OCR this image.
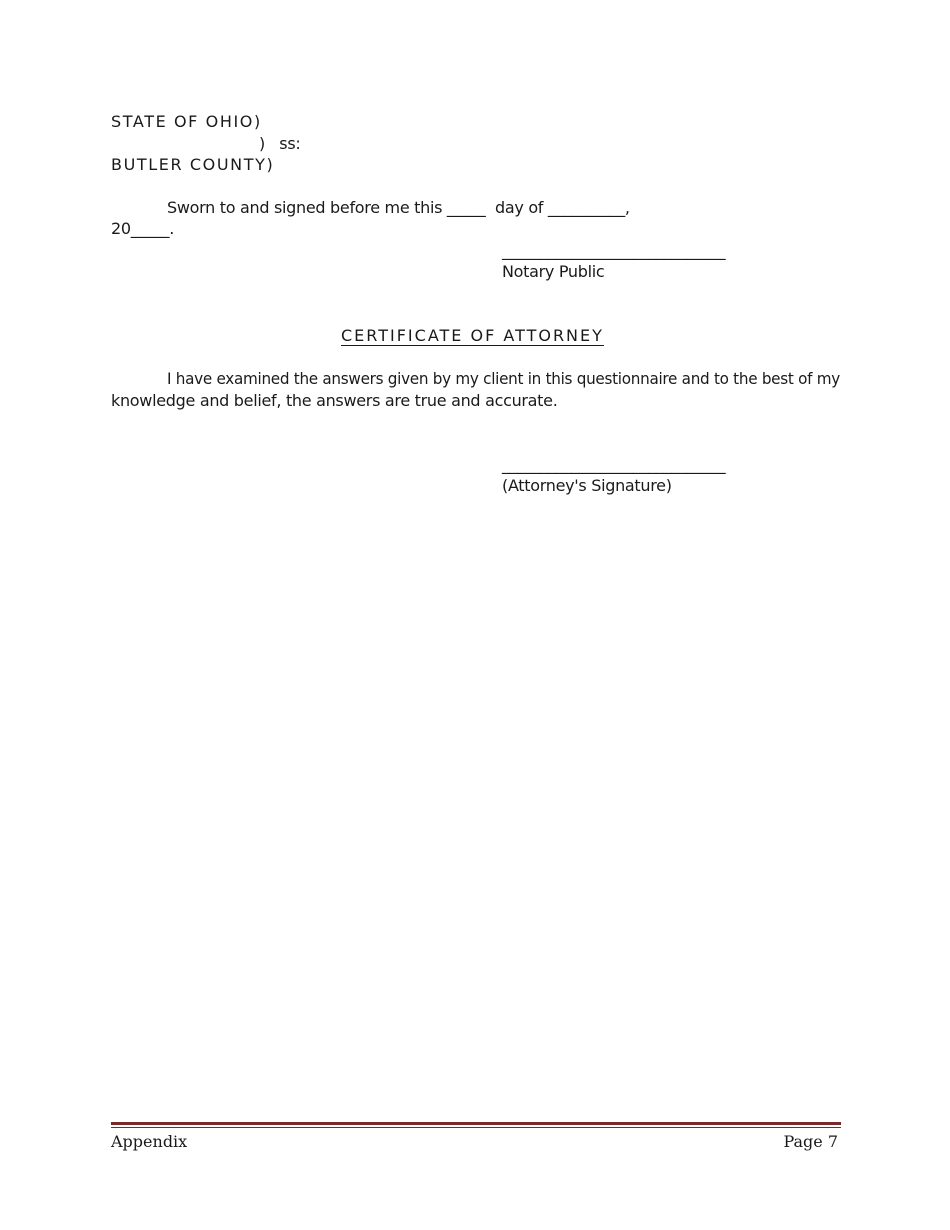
STATE OF OHIO)
)   ss:
BUTLER COUNTY)
Sworn to and signed before me this _____  day of __________,
20_____.
_____________________________
Notary Public
CERTIFICATE OF ATTORNEY
I have examined the answers given by my client in this questionnaire and to the best of my
knowledge and belief, the answers are true and accurate.
_____________________________
(Attorney's Signature)
Appendix	Page 7
